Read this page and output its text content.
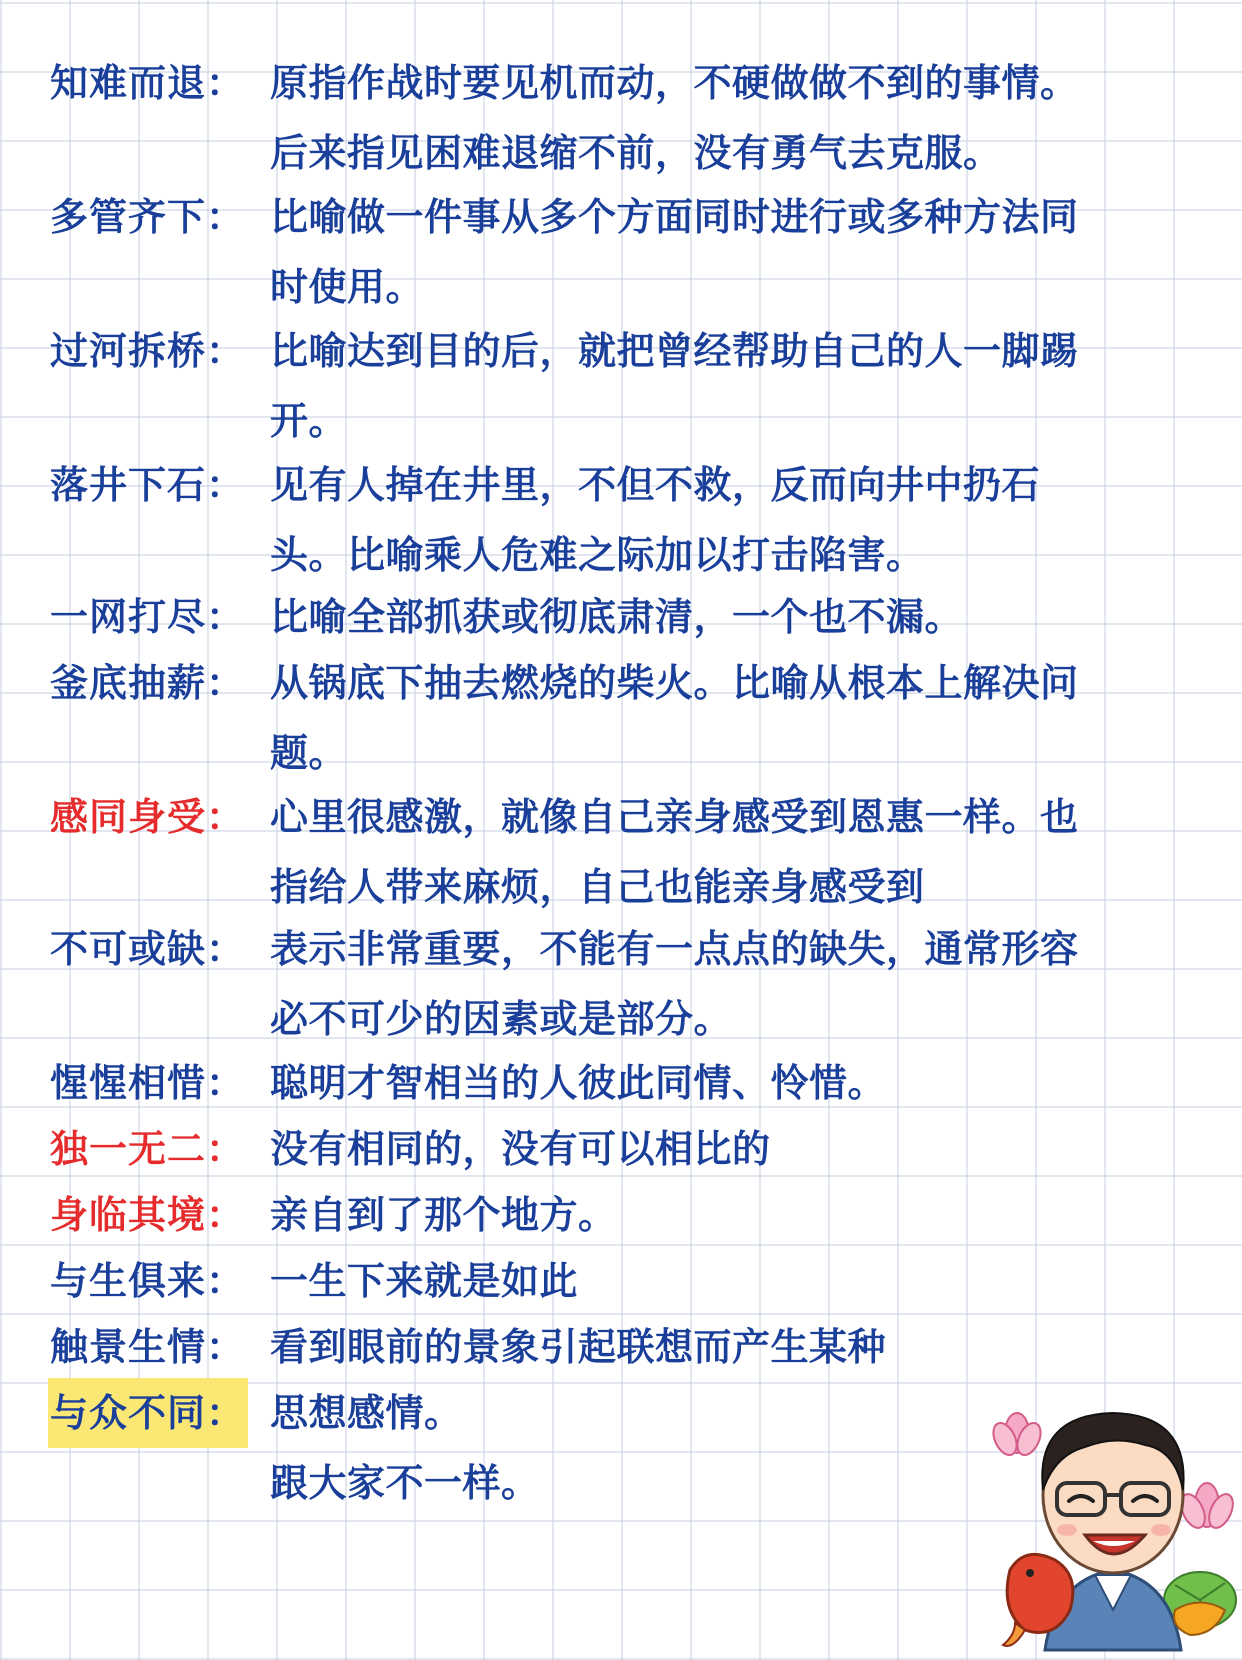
知难而退： 原指作战时要见机而动，不硬做做不到的事情。
后来指见困难退缩不前，没有勇气去克服。
多管齐下： 比喻做一件事从多个方面同时进行或多种方法同
时使用。
过河拆桥： 比喻达到目的后，就把曾经帮助自己的人一脚踢
开。
落井下石： 见有人掉在井里，不但不救，反而向井中扔石
头。比喻乘人危难之际加以打击陷害。
一网打尽： 比喻全部抓获或彻底肃清，一个也不漏。
釜底抽薪： 从锅底下抽去燃烧的柴火。比喻从根本上解决问
题。
感同身受： 心里很感激，就像自己亲身感受到恩惠一样。也
指给人带来麻烦，自己也能亲身感受到
不可或缺： 表示非常重要，不能有一点点的缺失，通常形容
必不可少的因素或是部分。
惺惺相惜： 聪明才智相当的人彼此同情、怜惜。
独一无二： 没有相同的，没有可以相比的
身临其境： 亲自到了那个地方。
与生俱来： 一生下来就是如此
触景生情： 看到眼前的景象引起联想而产生某种
与众不同： 思想感情。
跟大家不一样。
